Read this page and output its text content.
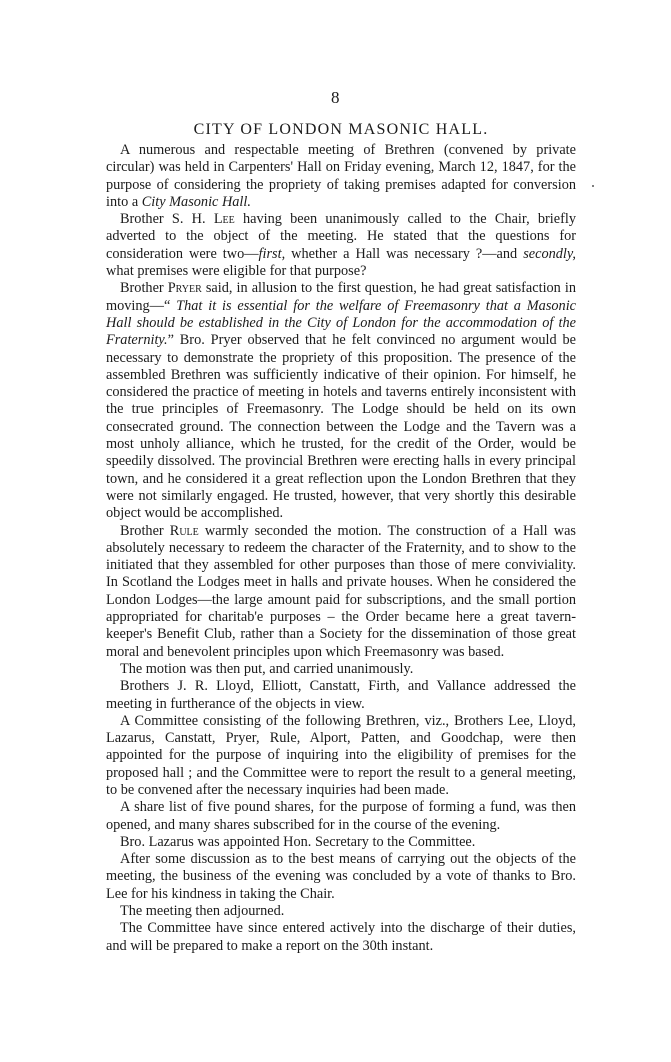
8
CITY OF LONDON MASONIC HALL.

A numerous and respectable meeting of Brethren (convened by private circular) was held in Carpenters' Hall on Friday evening, March 12, 1847, for the purpose of considering the propriety of taking premises adapted for conversion into a City Masonic Hall.

Brother S. H. Lee having been unanimously called to the Chair, briefly adverted to the object of the meeting. He stated that the questions for consideration were two—first, whether a Hall was necessary ?—and secondly, what premises were eligible for that purpose?

Brother Pryer said, in allusion to the first question, he had great satisfaction in moving—“ That it is essential for the welfare of Freemasonry that a Masonic Hall should be established in the City of London for the accommodation of the Fraternity.” Bro. Pryer observed that he felt convinced no argument would be necessary to demonstrate the propriety of this proposition. The presence of the assembled Brethren was sufficiently indicative of their opinion. For himself, he considered the practice of meeting in hotels and taverns entirely inconsistent with the true principles of Freemasonry. The Lodge should be held on its own consecrated ground. The connection between the Lodge and the Tavern was a most unholy alliance, which he trusted, for the credit of the Order, would be speedily dissolved. The provincial Brethren were erecting halls in every principal town, and he considered it a great reflection upon the London Brethren that they were not similarly engaged. He trusted, however, that very shortly this desirable object would be accomplished.

Brother Rule warmly seconded the motion. The construction of a Hall was absolutely necessary to redeem the character of the Fraternity, and to show to the initiated that they assembled for other purposes than those of mere conviviality. In Scotland the Lodges meet in halls and private houses. When he considered the London Lodges—the large amount paid for subscriptions, and the small portion appropriated for charitab'e purposes – the Order became here a great tavern-keeper's Benefit Club, rather than a Society for the dissemination of those great moral and benevolent principles upon which Freemasonry was based.

The motion was then put, and carried unanimously.

Brothers J. R. Lloyd, Elliott, Canstatt, Firth, and Vallance addressed the meeting in furtherance of the objects in view.

A Committee consisting of the following Brethren, viz., Brothers Lee, Lloyd, Lazarus, Canstatt, Pryer, Rule, Alport, Patten, and Goodchap, were then appointed for the purpose of inquiring into the eligibility of premises for the proposed hall ; and the Committee were to report the result to a general meeting, to be convened after the necessary inquiries had been made.

A share list of five pound shares, for the purpose of forming a fund, was then opened, and many shares subscribed for in the course of the evening.

Bro. Lazarus was appointed Hon. Secretary to the Committee.

After some discussion as to the best means of carrying out the objects of the meeting, the business of the evening was concluded by a vote of thanks to Bro. Lee for his kindness in taking the Chair.

The meeting then adjourned.

The Committee have since entered actively into the discharge of their duties, and will be prepared to make a report on the 30th instant.
